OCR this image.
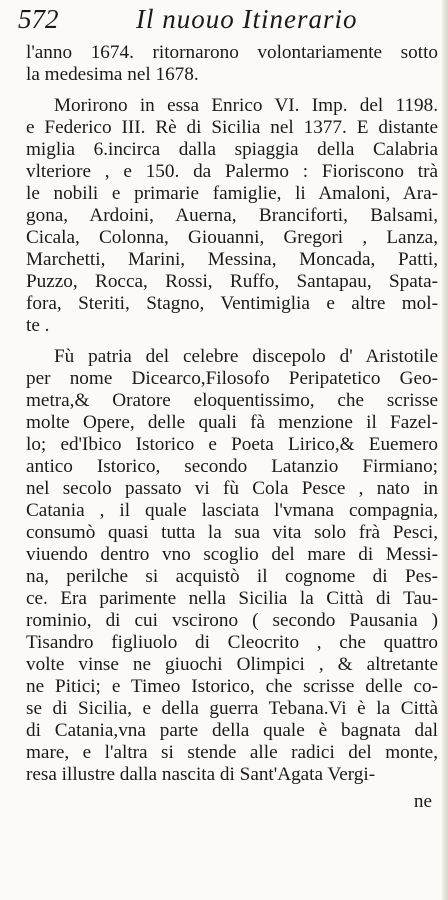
572	Il nuouo Itinerario
l'anno 1674. ritornarono volontariamente sotto
la medesima nel 1678.
Morirono in essa Enrico VI. Imp. del 1198.
e Federico III. Rè di Sicilia nel 1377. E distante
miglia 6.incirca dalla spiaggia della Calabria
vlteriore , e 150. da Palermo : Fioriscono trà
le nobili e primarie famiglie, li Amaloni, Ara-
gona, Ardoini, Auerna, Branciforti, Balsami,
Cicala, Colonna, Giouanni, Gregori , Lanza,
Marchetti, Marini, Messina, Moncada, Patti,
Puzzo, Rocca, Rossi, Ruffo, Santapau, Spata-
fora, Steriti, Stagno, Ventimiglia e altre mol-
te .
Fù patria del celebre discepolo d' Aristotile
per nome Dicearco,Filosofo Peripatetico Geo-
metra,& Oratore eloquentissimo, che scrisse
molte Opere, delle quali fà menzione il Fazel-
lo; ed'Ibico Istorico e Poeta Lirico,& Euemero
antico Istorico, secondo Latanzio Firmiano;
nel secolo passato vi fù Cola Pesce , nato in
Catania , il quale lasciata l'vmana compagnia,
consumò quasi tutta la sua vita solo frà Pesci,
viuendo dentro vno scoglio del mare di Messi-
na, perilche si acquistò il cognome di Pes-
ce. Era parimente nella Sicilia la Città di Tau-
rominio, di cui vscirono ( secondo Pausania )
Tisandro figliuolo di Cleocrito , che quattro
volte vinse ne giuochi Olimpici , & altretante
ne Pitici; e Timeo Istorico, che scrisse delle co-
se di Sicilia, e della guerra Tebana.Vi è la Città
di Catania,vna parte della quale è bagnata dal
mare, e l'altra si stende alle radici del monte,
resa illustre dalla nascita di Sant'Agata Vergi-
ne
